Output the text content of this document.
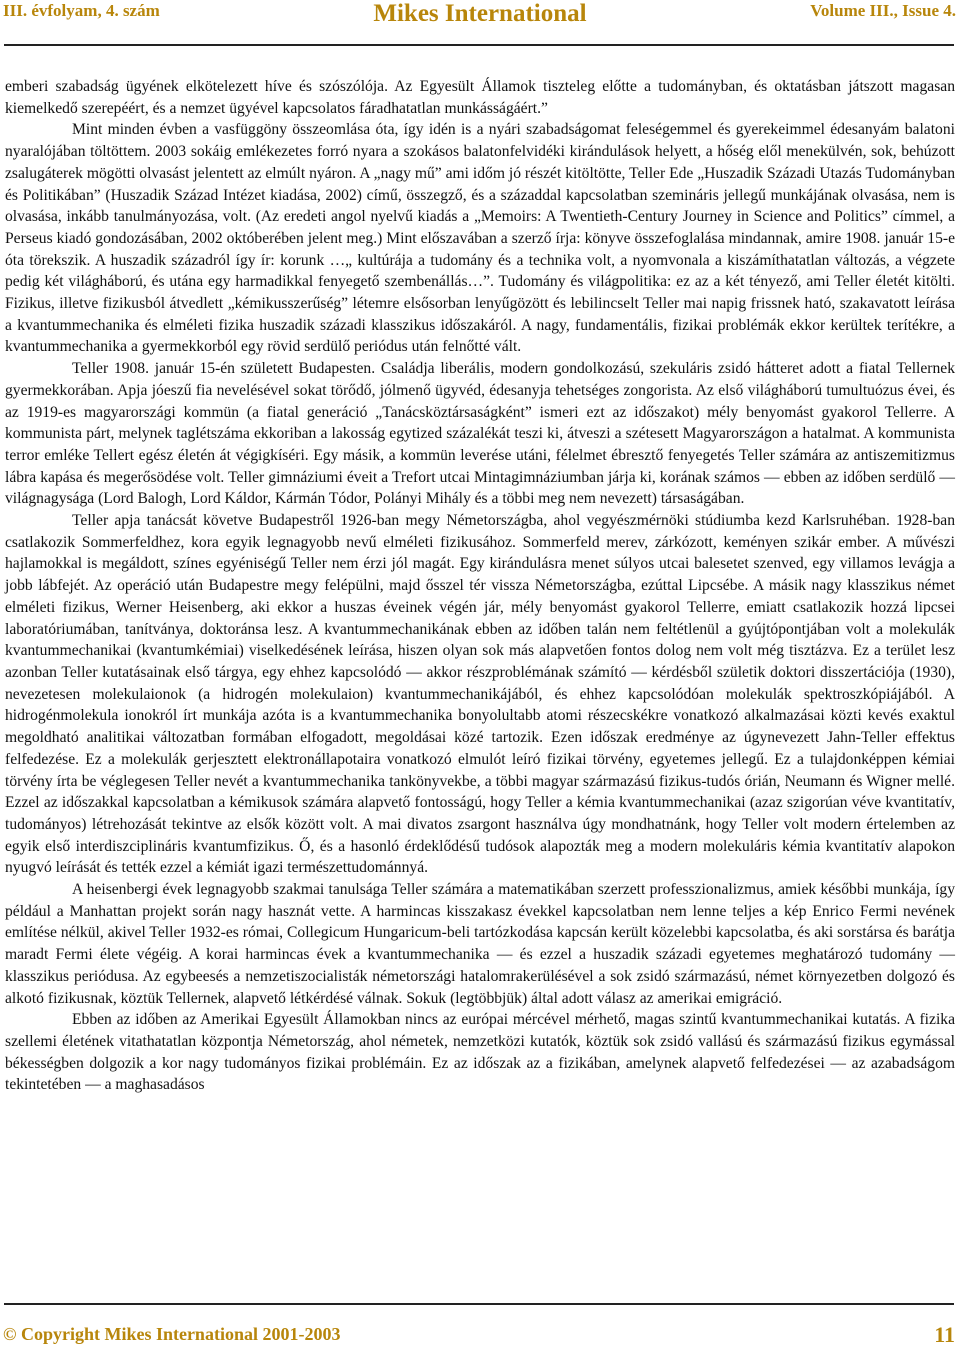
III. évfolyam, 4. szám	Mikes International	Volume III., Issue 4.

emberi szabadság ügyének elkötelezett híve és szószólója. Az Egyesült Államok tiszteleg előtte a tudományban, és oktatásban játszott magasan kiemelkedő szerepéért, és a nemzet ügyével kapcsolatos fáradhatatlan munkásságáért.”

Mint minden évben a vasfüggöny összeomlása óta, így idén is a nyári szabadságomat feleségemmel és gyerekeimmel édesanyám balatoni nyaralójában töltöttem. 2003 sokáig emlékezetes forró nyara a szokásos balatonfelvidéki kirándulások helyett, a hőség elől menekülvén, sok, behúzott zsalugáterek mögötti olvasást jelentett az elmúlt nyáron. A „nagy mű” ami időm jó részét kitöltötte, Teller Ede „Huszadik Századi Utazás Tudományban és Politikában” (Huszadik Század Intézet kiadása, 2002) című, összegző, és a századdal kapcsolatban szemináris jellegű munkájának olvasása, nem is olvasása, inkább tanulmányozása, volt. (Az eredeti angol nyelvű kiadás a „Memoirs: A Twentieth-Century Journey in Science and Politics” címmel, a Perseus kiadó gondozásában, 2002 októberében jelent meg.) Mint előszavában a szerző írja: könyve összefoglalása mindannak, amire 1908. január 15-e óta törekszik. A huszadik századról így ír: korunk …„ kultúrája a tudomány és a technika volt, a nyomvonala a kiszámíthatatlan változás, a végzete pedig két világháború, és utána egy harmadikkal fenyegető szembenállás…”. Tudomány és világpolitika: ez az a két tényező, ami Teller életét kitölti. Fizikus, illetve fizikusból átvedlett „kémikusszerűség” létemre elsősorban lenyűgözött és lebilincselt Teller mai napig frissnek ható, szakavatott leírása a kvantummechanika és elméleti fizika huszadik századi klasszikus időszakáról. A nagy, fundamentális, fizikai problémák ekkor kerültek terítékre, a kvantummechanika a gyermekkorból egy rövid serdülő periódus után felnőtté vált.

Teller 1908. január 15-én született Budapesten. Családja liberális, modern gondolkozású, szekuláris zsidó hátteret adott a fiatal Tellernek gyermekkorában. Apja jóeszű fia nevelésével sokat törődő, jólmenő ügyvéd, édesanyja tehetséges zongorista. Az első világháború tumultuózus évei, és az 1919-es magyarországi kommün (a fiatal generáció „Tanácsköztársaságként” ismeri ezt az időszakot) mély benyomást gyakorol Tellerre. A kommunista párt, melynek taglétszáma ekkoriban a lakosság egytized százalékát teszi ki, átveszi a szétesett Magyarországon a hatalmat. A kommunista terror emléke Tellert egész életén át végigkíséri. Egy másik, a kommün leverése utáni, félelmet ébresztő fenyegetés Teller számára az antiszemitizmus lábra kapása és megerősödése volt. Teller gimnáziumi éveit a Trefort utcai Mintagimnáziumban járja ki, korának számos — ebben az időben serdülő — világnagysága (Lord Balogh, Lord Káldor, Kármán Tódor, Polányi Mihály és a többi meg nem nevezett) társaságában.

Teller apja tanácsát követve Budapestről 1926-ban megy Németországba, ahol vegyészmérnöki stúdiumba kezd Karlsruhéban. 1928-ban csatlakozik Sommerfeldhez, kora egyik legnagyobb nevű elméleti fizikusához. Sommerfeld merev, zárkózott, keményen szikár ember. A művészi hajlamokkal is megáldott, színes egyéniségű Teller nem érzi jól magát. Egy kirándulásra menet súlyos utcai balesetet szenved, egy villamos levágja a jobb lábfejét. Az operáció után Budapestre megy felépülni, majd ősszel tér vissza Németországba, ezúttal Lipcsébe. A másik nagy klasszikus német elméleti fizikus, Werner Heisenberg, aki ekkor a huszas éveinek végén jár, mély benyomást gyakorol Tellerre, emiatt csatlakozik hozzá lipcsei laboratóriumában, tanítványa, doktoránsa lesz. A kvantummechanikának ebben az időben talán nem feltétlenül a gyújtópontjában volt a molekulák kvantummechanikai (kvantumkémiai) viselkedésének leírása, hiszen olyan sok más alapvetően fontos dolog nem volt még tisztázva. Ez a terület lesz azonban Teller kutatásainak első tárgya, egy ehhez kapcsolódó — akkor részproblémának számító — kérdésből születik doktori disszertációja (1930), nevezetesen molekulaionok (a hidrogén molekulaion) kvantummechanikájából, és ehhez kapcsolódóan molekulák spektroszkópiájából. A hidrogénmolekula ionokról írt munkája azóta is a kvantummechanika bonyolultabb atomi részecskékre vonatkozó alkalmazásai közti kevés exaktul megoldható analitikai változatban formában elfogadott, megoldásai közé tartozik. Ezen időszak eredménye az úgynevezett Jahn-Teller effektus felfedezése. Ez a molekulák gerjesztett elektronállapotaira vonatkozó elmulót leíró fizikai törvény, egyetemes jellegű. Ez a tulajdonképpen kémiai törvény írta be véglegesen Teller nevét a kvantummechanika tankönyvekbe, a többi magyar származású fizikus-tudós órián, Neumann és Wigner mellé. Ezzel az időszakkal kapcsolatban a kémikusok számára alapvető fontosságú, hogy Teller a kémia kvantummechanikai (azaz szigorúan véve kvantitatív, tudományos) létrehozását tekintve az elsők között volt. A mai divatos zsargont használva úgy mondhatnánk, hogy Teller volt modern értelemben az egyik első interdiszciplináris kvantumfizikus. Ő, és a hasonló érdeklődésű tudósok alapozták meg a modern molekuláris kémia kvantitatív alapokon nyugvó leírását és tették ezzel a kémiát igazi természettudománnyá.

A heisenbergi évek legnagyobb szakmai tanulsága Teller számára a matematikában szerzett professzionalizmus, amiek későbbi munkája, így például a Manhattan projekt során nagy hasznát vette. A harmincas kisszakasz évekkel kapcsolatban nem lenne teljes a kép Enrico Fermi nevének említése nélkül, akivel Teller 1932-es római, Collegicum Hungaricum-beli tartózkodása kapcsán került közelebbi kapcsolatba, és aki sorstársa és barátja maradt Fermi élete végéig. A korai harmincas évek a kvantummechanika — és ezzel a huszadik századi egyetemes meghatározó tudomány — klasszikus periódusa. Az egybeesés a nemzetiszocialisták németországi hatalomrakerülésével a sok zsidó származású, német környezetben dolgozó és alkotó fizikusnak, köztük Tellernek, alapvető létkérdésé válnak. Sokuk (legtöbbjük) által adott válasz az amerikai emigráció.

Ebben az időben az Amerikai Egyesült Államokban nincs az európai mércével mérhető, magas szintű kvantummechanikai kutatás. A fizika szellemi életének vitathatatlan központja Németország, ahol németek, nemzetközi kutatók, köztük sok zsidó vallású és származású fizikus egymással békességben dolgozik a kor nagy tudományos fizikai problémáin. Ez az időszak az a fizikában, amelynek alapvető felfedezései — az azabadságom tekintetében — a maghasadásos

© Copyright Mikes International 2001-2003	11
